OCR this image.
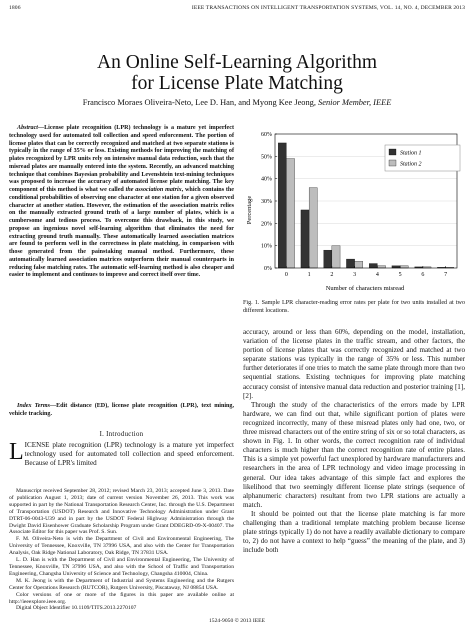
1806	IEEE TRANSACTIONS ON INTELLIGENT TRANSPORTATION SYSTEMS, VOL. 14, NO. 4, DECEMBER 2013
An Online Self-Learning Algorithm
for License Plate Matching
Francisco Moraes Oliveira-Neto, Lee D. Han, and Myong Kee Jeong, Senior Member, IEEE

Abstract—License plate recognition (LPR) technology is a mature yet imperfect technology used for automated toll collection and speed enforcement. The portion of license plates that can be correctly recognized and matched at two separate stations is typically in the range of 35% or less. Existing methods for improving the matching of plates recognized by LPR units rely on intensive manual data reduction, such that the misread plates are manually entered into the system. Recently, an advanced matching technique that combines Bayesian probability and Levenshtein text-mining techniques was proposed to increase the accuracy of automated license plate matching. The key component of this method is what we called the association matrix, which contains the conditional probabilities of observing one character at one station for a given observed character at another station. However, the estimation of the association matrix relies on the manually extracted ground truth of a large number of plates, which is a cumbersome and tedious process. To overcome this drawback, in this study, we propose an ingenious novel self-learning algorithm that eliminates the need for extracting ground truth manually. These automatically learned association matrices are found to perform well in the correctness in plate matching, in comparison with those generated from the painstaking manual method. Furthermore, these automatically learned association matrices outperform their manual counterparts in reducing false matching rates. The automatic self-learning method is also cheaper and easier to implement and continues to improve and correct itself over time.

Index Terms—Edit distance (ED), license plate recognition (LPR), text mining, vehicle tracking.

I. Introduction

LICENSE plate recognition (LPR) technology is a mature yet imperfect technology used for automated toll collection and speed enforcement. Because of LPR's limited

Manuscript received September 28, 2012; revised March 23, 2013; accepted June 3, 2013. Date of publication August 1, 2013; date of current version November 26, 2013. This work was supported in part by the National Transportation Research Center, Inc. through the U.S. Department of Transportation (USDOT) Research and Innovative Technology Administration under Grant DTRT-06-0043-U39 and in part by the USDOT Federal Highway Administration through the Dwight David Eisenhower Graduate Scholarship Program under Grant DDEGRD-09-X-00407. The Associate Editor for this paper was Prof. S. Sun.

F. M. Oliveira-Neto is with the Department of Civil and Environmental Engineering, The University of Tennessee, Knoxville, TN 37996 USA, and also with the Center for Transportation Analysis, Oak Ridge National Laboratory, Oak Ridge, TN 37831 USA.

L. D. Han is with the Department of Civil and Environmental Engineering, The University of Tennessee, Knoxville, TN 37996 USA, and also with the School of Traffic and Transportation Engineering, Changsha University of Science and Technology, Changsha 410004, China.

M. K. Jeong is with the Department of Industrial and Systems Engineering and the Rutgers Center for Operations Research (RUTCOR), Rutgers University, Piscataway, NJ 08854 USA.

Color versions of one or more of the figures in this paper are available online at http://ieeexplore.ieee.org.

Digital Object Identifier 10.1109/TITS.2013.2270107

Percentage
Number of characters misread
0%
10%
20%
30%
40%
50%
60%
0	1	2	3	4	5	6	7
Station 1
Station 2

Fig. 1. Sample LPR character-reading error rates per plate for two units installed at two different locations.

accuracy, around or less than 60%, depending on the model, installation, variation of the license plates in the traffic stream, and other factors, the portion of license plates that was correctly recognized and matched at two separate stations was typically in the range of 35% or less. This number further deteriorates if one tries to match the same plate through more than two sequential stations. Existing techniques for improving plate matching accuracy consist of intensive manual data reduction and posterior training [1], [2].

Through the study of the characteristics of the errors made by LPR hardware, we can find out that, while significant portion of plates were recognized incorrectly, many of these misread plates only had one, two, or three misread characters out of the entire string of six or so total characters, as shown in Fig. 1. In other words, the correct recognition rate of individual characters is much higher than the correct recognition rate of entire plates. This is a simple yet powerful fact unexplored by hardware manufacturers and researchers in the area of LPR technology and video image processing in general. Our idea takes advantage of this simple fact and explores the likelihood that two seemingly different license plate strings (sequence of alphanumeric characters) resultant from two LPR stations are actually a match.

It should be pointed out that the license plate matching is far more challenging than a traditional template matching problem because license plate strings typically 1) do not have a readily available dictionary to compare to, 2) do not have a context to help “guess” the meaning of the plate, and 3) include both

1524-9050 © 2013 IEEE
